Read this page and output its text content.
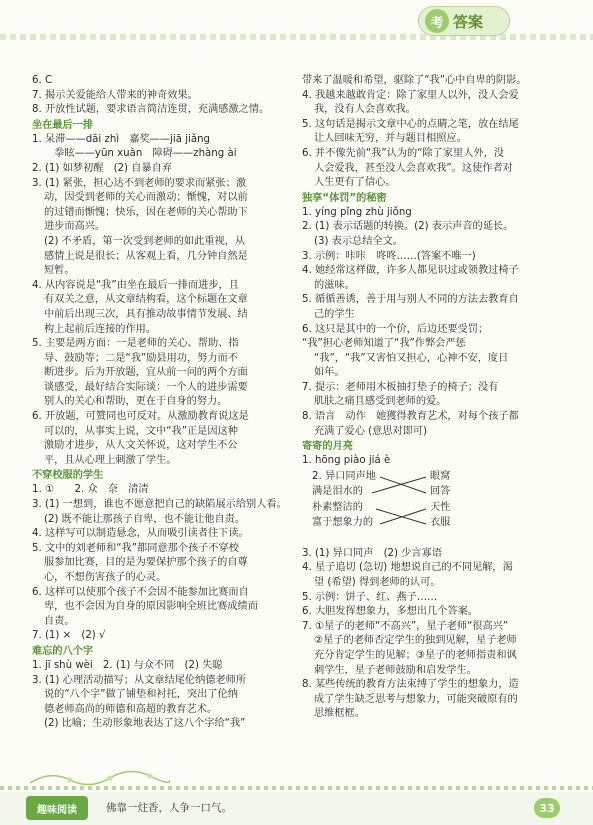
考 答案
6. C
7. 揭示关爱能给人带来的神奇效果。
8. 开放性试题，要求语言简洁连贯，充满感激之情。
坐在最后一排
1. 呆滞——dāi zhì　嘉奖——jiā jiǎng
　拳眩——yūn xuàn　障碍——zhàng ài
2. (1) 如梦初醒　(2) 自暴自弃
3. (1) 紧张，担心达不到老师的要求而紧张；激
动，因受到老师的关心而激动；惭愧，对以前
的过错而惭愧；快乐，因在老师的关心帮助下
进步而高兴。
(2) 不矛盾，第一次受到老师的如此重视，从
感情上说是很长；从客观上看，几分钟自然是
短暂。
4. 从内容说是“我”由坐在最后一排而进步，且
有双关之意，从文章结构看，这个标题在文章
中前后出现三次，具有推动故事情节发展、结
构上起前后连接的作用。
5. 主要是两方面：一是老师的关心、帮助、指
导、鼓励等；二是“我”励县用功，努力而不
断进步。后为开放题，宜从前一问的两个方面
谈感受，最好结合实际谈：一个人的进步需要
别人的关心和帮助，更在于自身的努力。
6. 开放题，可赞同也可反对。从激励教育说这是
可以的，从事实上说，文中“我”正是因这种
激励才进步，从人文关怀说，这对学生不公
平，且从心理上刺激了学生。
不穿校服的学生
1. ①　　2. 众　奈　清清
3. (1) 一想到，谁也不愿意把自己的缺陷展示给别人看。
(2) 既不能让那孩子自卑，也不能让他自责。
4. 这样写可以制造悬念，从而吸引读者往下读。
5. 文中的刘老师和“我”都同意那个孩子不穿校
服参加比赛，目的是为要保护那个孩子的自尊
心，不想伤害孩子的心灵。
6. 这样可以使那个孩子不会因不能参加比赛而自
卑，也不会因为自身的原因影响全班比赛成绩而
自责。
7. (1) ×　(2) √
难忘的八个字
1. jī shù wèi　2. (1) 与众不同　(2) 失聪
3. (1) 心理活动描写；从文章结尾伦纳德老师所
说的“八个字”做了铺垫和衬托，突出了伦纳
德老师高尚的师德和高超的教育艺术。
(2) 比喻；生动形象地表达了这八个字给“我”
带来了温暖和希望，驱除了“我”心中自卑的阴影。
4. 我越来越敢肯定：除了家里人以外，没人会爱
我，没有人会喜欢我。
5. 这句话是揭示文章中心的点睛之笔，放在结尾
让人回味无穷，并与题目相照应。
6. 并不像先前“我”认为的“除了家里人外，没
人会爱我，甚至没人会喜欢我”。这使作者对
人生更有了信心。
独享“体罚”的秘密
1. yíng pǐng zhù jiǒng
2. (1) 表示话题的转换。(2) 表示声音的延长。
(3) 表示总结全文。
3. 示例：咔咔　咚咚……(答案不唯一)
4. 她经常这样做，许多人都见识过或领教过椅子
的滋味。
5. 循循善诱，善于用与别人不同的方法去教育自
己的学生
6. 这只是其中的一个价，后边还要受罚；
“我”担心老师知道了“我”作弊会严惩
“我”，“我”又害怕又担心，心神不安，度日
如年。
7. 提示：老师用木板抽打垫子的椅子；没有
肌肤之痛且感受到老师的爱。
8. 语言　动作　她獲得教育艺术，对每个孩子都
充满了爱心 (意思对即可)
寄寄的月亮
1. hōng piào jiá è
2. 异口同声地
满是泪水的
朴素整洁的
富于想象力的
眼窝
回答
天性
衣服
3. (1) 异口同声　(2) 少言寡语
4. 星子追切 (急切) 地想说自己的不同见解，渴
望 (希望) 得到老师的认可。
5. 示例：饼子、红、燕子……
6. 大胆发挥想象力，多想出几个答案。
7. ①星子的老师“不高兴”，星子老师“很高兴”
②星子的老师否定学生的独到见解，星子老师
充分肯定学生的见解；③星子的老师指责和讽
刺学生，星子老师鼓励和启发学生。
8. 某些传统的教育方法束缚了学生的想象力，造
成了学生缺乏思考与想象力，可能突破原有的
思维框框。
趣味阅读	佛靠一炷香，人争一口气。	33
